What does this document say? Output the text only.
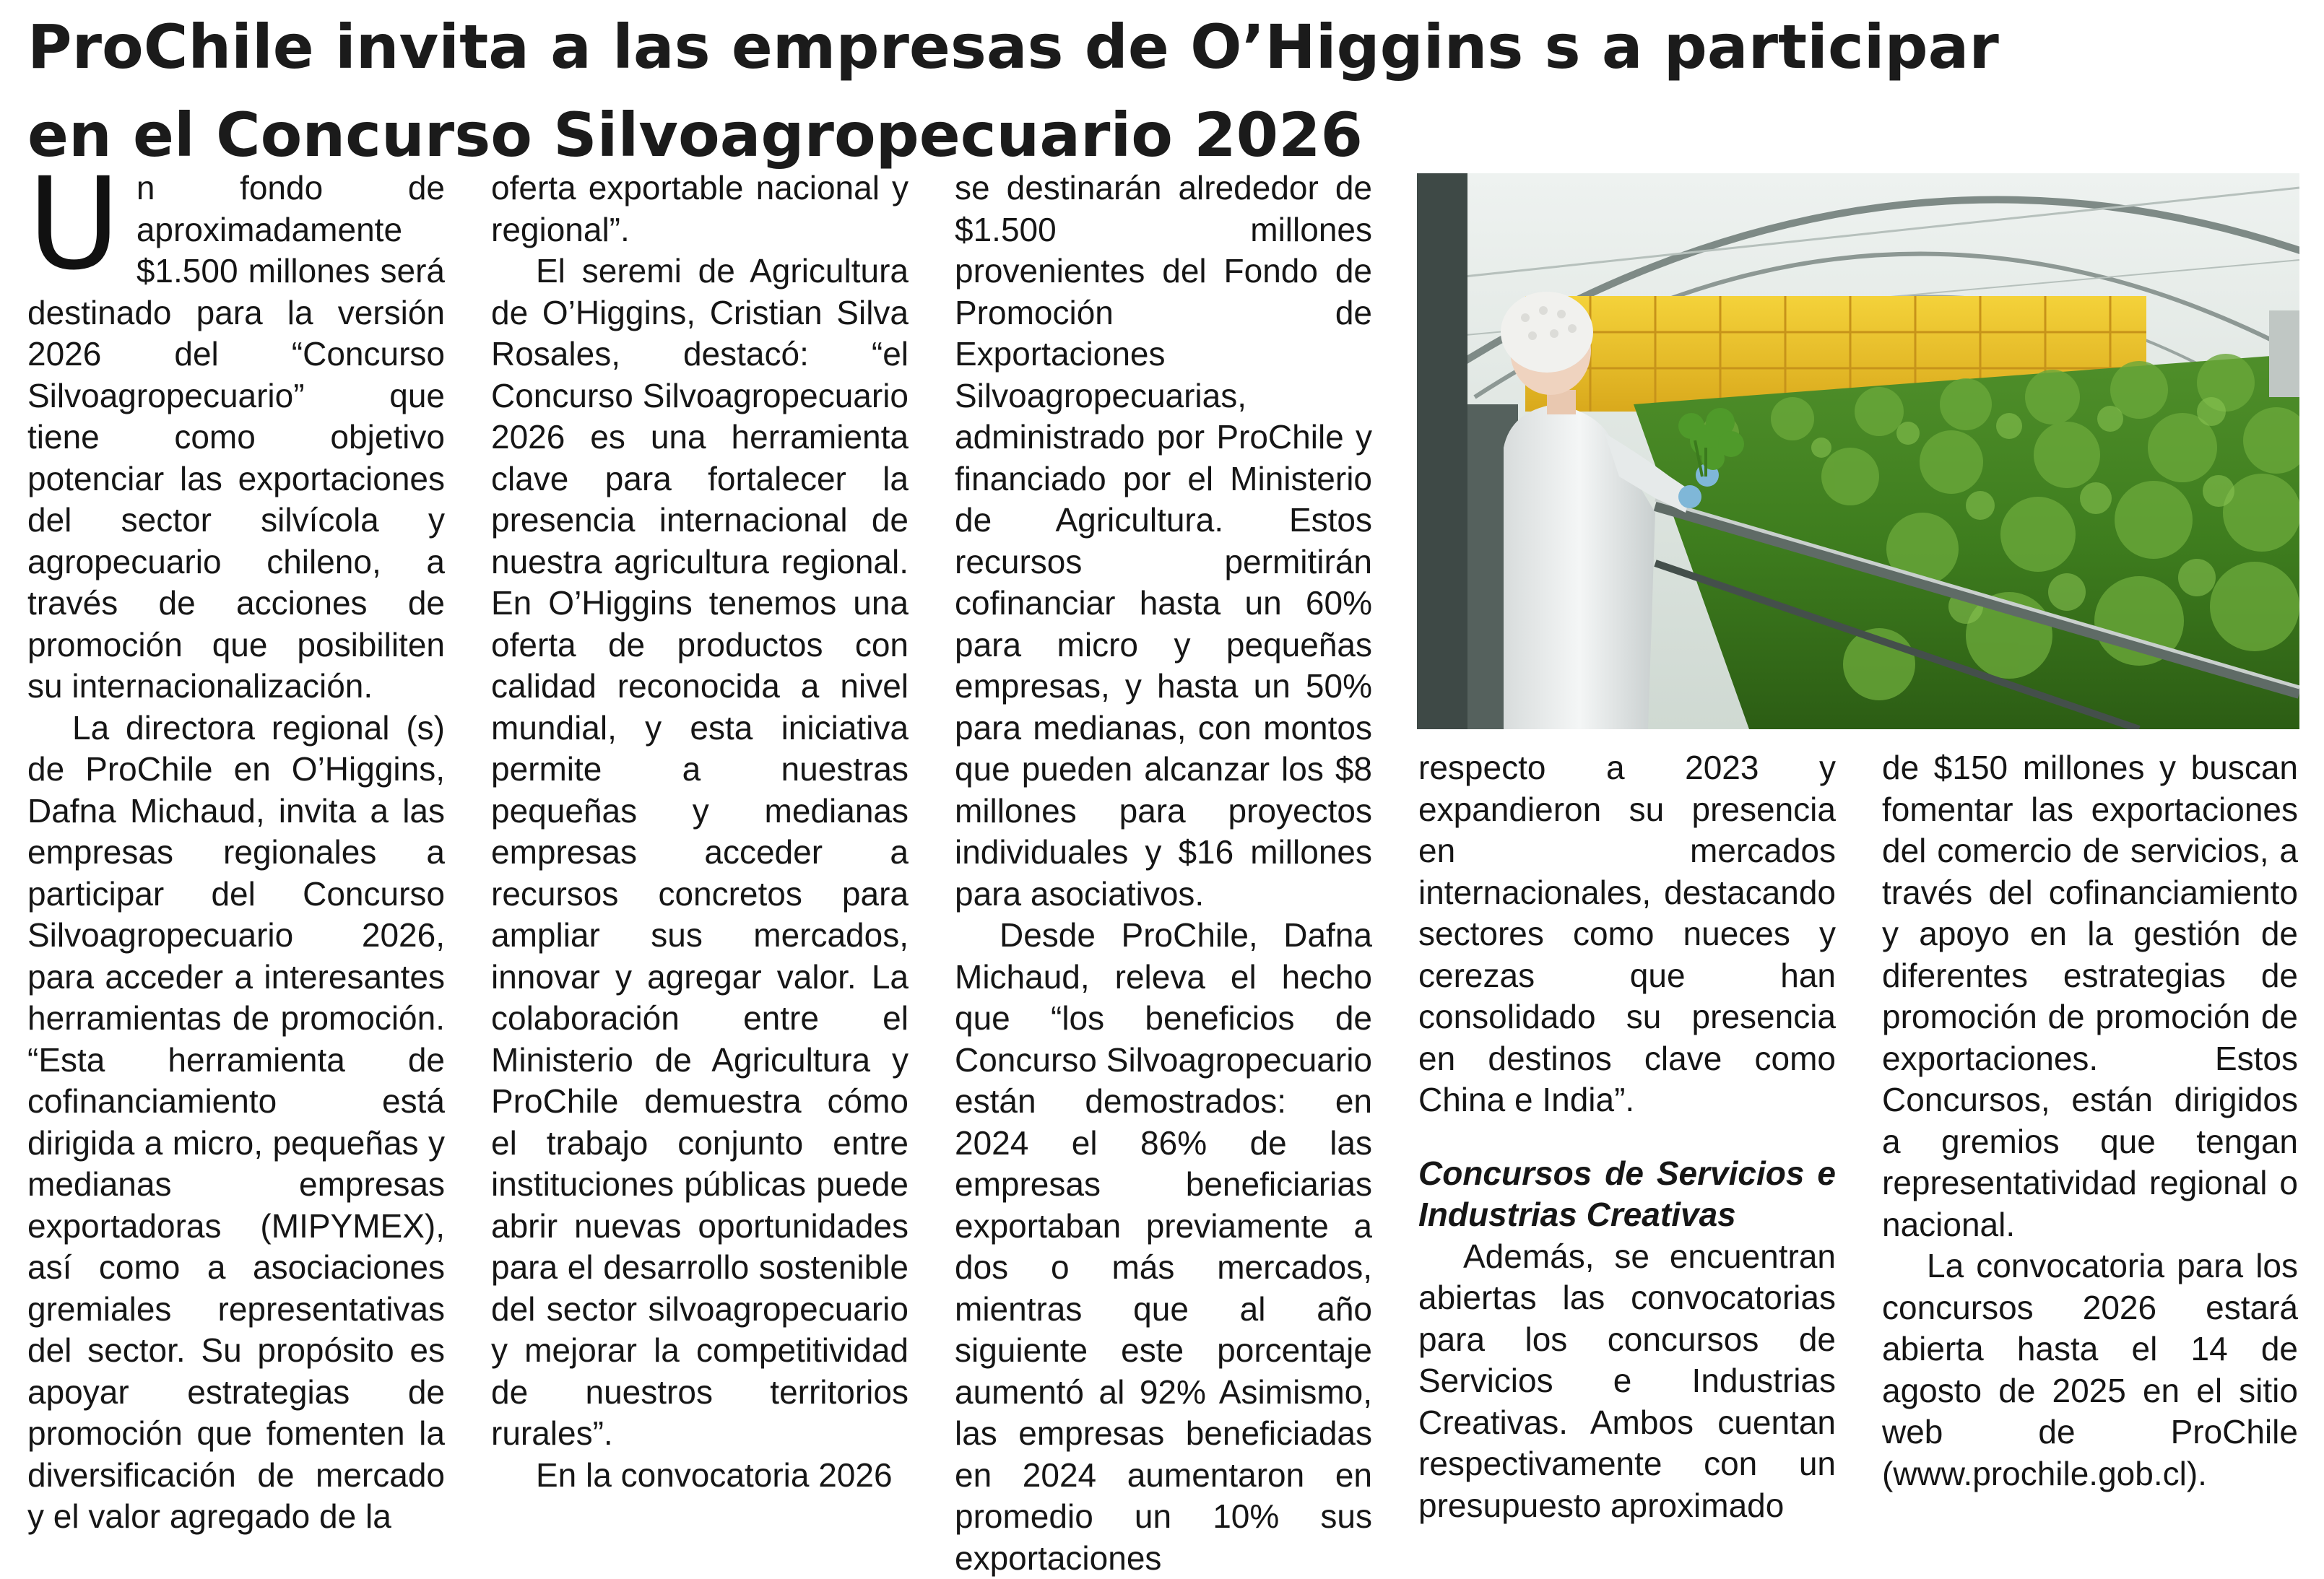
ProChile invita a las empresas de O’Higgins s a participar
en el Concurso Silvoagropecuario 2026

Un fondo de aproximadamente $1.500 millones será destinado para la versión 2026 del “Concurso Silvoagropecuario” que tiene como objetivo potenciar las exportaciones del sector silvícola y agropecuario chileno, a través de acciones de promoción que posibiliten su internacionalización.

La directora regional (s) de ProChile en O’Higgins, Dafna Michaud, invita a las empresas regionales a participar del Concurso Silvoagropecuario 2026, para acceder a interesantes herramientas de promoción. “Esta herramienta de cofinanciamiento está dirigida a micro, pequeñas y medianas empresas exportadoras (MIPYMEX), así como a asociaciones gremiales representativas del sector. Su propósito es apoyar estrategias de promoción que fomenten la diversificación de mercado y el valor agregado de la

oferta exportable nacional y regional”.

El seremi de Agricultura de O’Higgins, Cristian Silva Rosales, destacó: “el Concurso Silvoagropecuario 2026 es una herramienta clave para fortalecer la presencia internacional de nuestra agricultura regional. En O’Higgins tenemos una oferta de productos con calidad reconocida a nivel mundial, y esta iniciativa permite a nuestras pequeñas y medianas empresas acceder a recursos concretos para ampliar sus mercados, innovar y agregar valor. La colaboración entre el Ministerio de Agricultura y ProChile demuestra cómo el trabajo conjunto entre instituciones públicas puede abrir nuevas oportunidades para el desarrollo sostenible del sector silvoagropecuario y mejorar la competitividad de nuestros territorios rurales”.

En la convocatoria 2026

se destinarán alrededor de $1.500 millones provenientes del Fondo de Promoción de Exportaciones Silvoagropecuarias, administrado por ProChile y financiado por el Ministerio de Agricultura. Estos recursos permitirán cofinanciar hasta un 60% para micro y pequeñas empresas, y hasta un 50% para medianas, con montos que pueden alcanzar los $8 millones para proyectos individuales y $16 millones para asociativos.

Desde ProChile, Dafna Michaud, releva el hecho que “los beneficios de Concurso Silvoagropecuario están demostrados: en 2024 el 86% de las empresas beneficiarias exportaban previamente a dos o más mercados, mientras que al año siguiente este porcentaje aumentó al 92% Asimismo, las empresas beneficiadas en 2024 aumentaron en promedio un 10% sus exportaciones

respecto a 2023 y expandieron su presencia en mercados internacionales, destacando sectores como nueces y cerezas que han consolidado su presencia en destinos clave como China e India”.

Concursos de Servicios e Industrias Creativas

Además, se encuentran abiertas las convocatorias para los concursos de Servicios e Industrias Creativas. Ambos cuentan respectivamente con un presupuesto aproximado

de $150 millones y buscan fomentar las exportaciones del comercio de servicios, a través del cofinanciamiento y apoyo en la gestión de diferentes estrategias de promoción de promoción de exportaciones. Estos Concursos, están dirigidos a gremios que tengan representatividad regional o nacional.

La convocatoria para los concursos 2026 estará abierta hasta el 14 de agosto de 2025 en el sitio web de ProChile (www.prochile.gob.cl).
